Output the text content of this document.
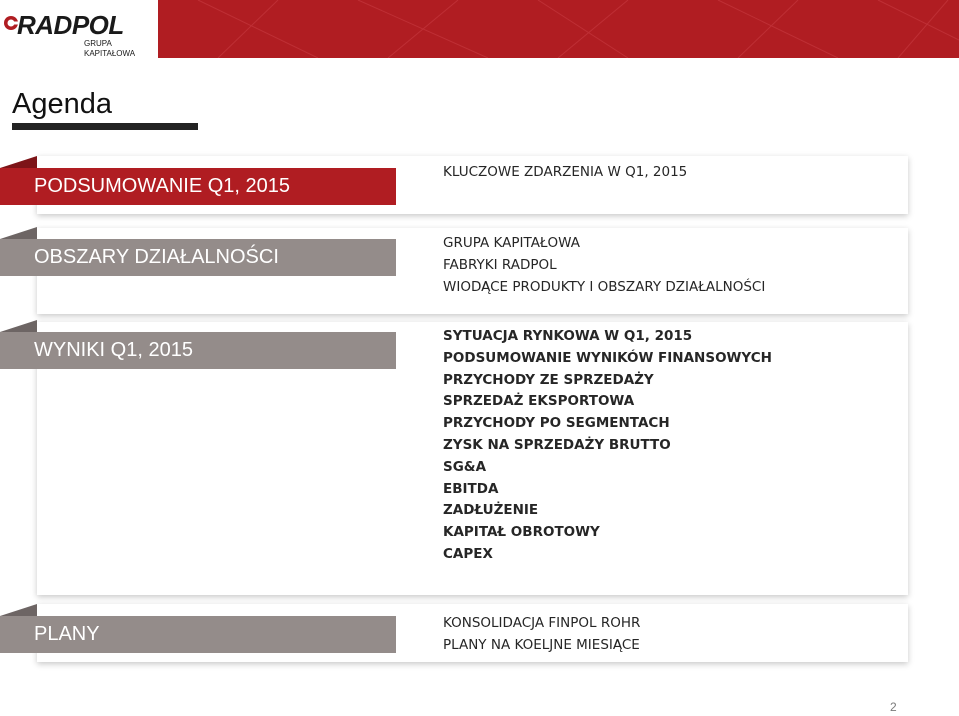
RADPOL
GRUPA KAPITAŁOWA
Agenda
PODSUMOWANIE Q1, 2015
KLUCZOWE ZDARZENIA W Q1, 2015
OBSZARY DZIAŁALNOŚCI
GRUPA KAPITAŁOWA
FABRYKI RADPOL
WIODĄCE PRODUKTY I OBSZARY DZIAŁALNOŚCI
WYNIKI Q1, 2015
SYTUACJA RYNKOWA W Q1, 2015
PODSUMOWANIE WYNIKÓW FINANSOWYCH
PRZYCHODY ZE SPRZEDAŻY
SPRZEDAŻ EKSPORTOWA
PRZYCHODY PO SEGMENTACH
ZYSK NA SPRZEDAŻY BRUTTO
SG&A
EBITDA
ZADŁUŻENIE
KAPITAŁ OBROTOWY
CAPEX
PLANY	KONSOLIDACJA FINPOL ROHR
PLANY NA KOELJNE MIESIĄCE
2
